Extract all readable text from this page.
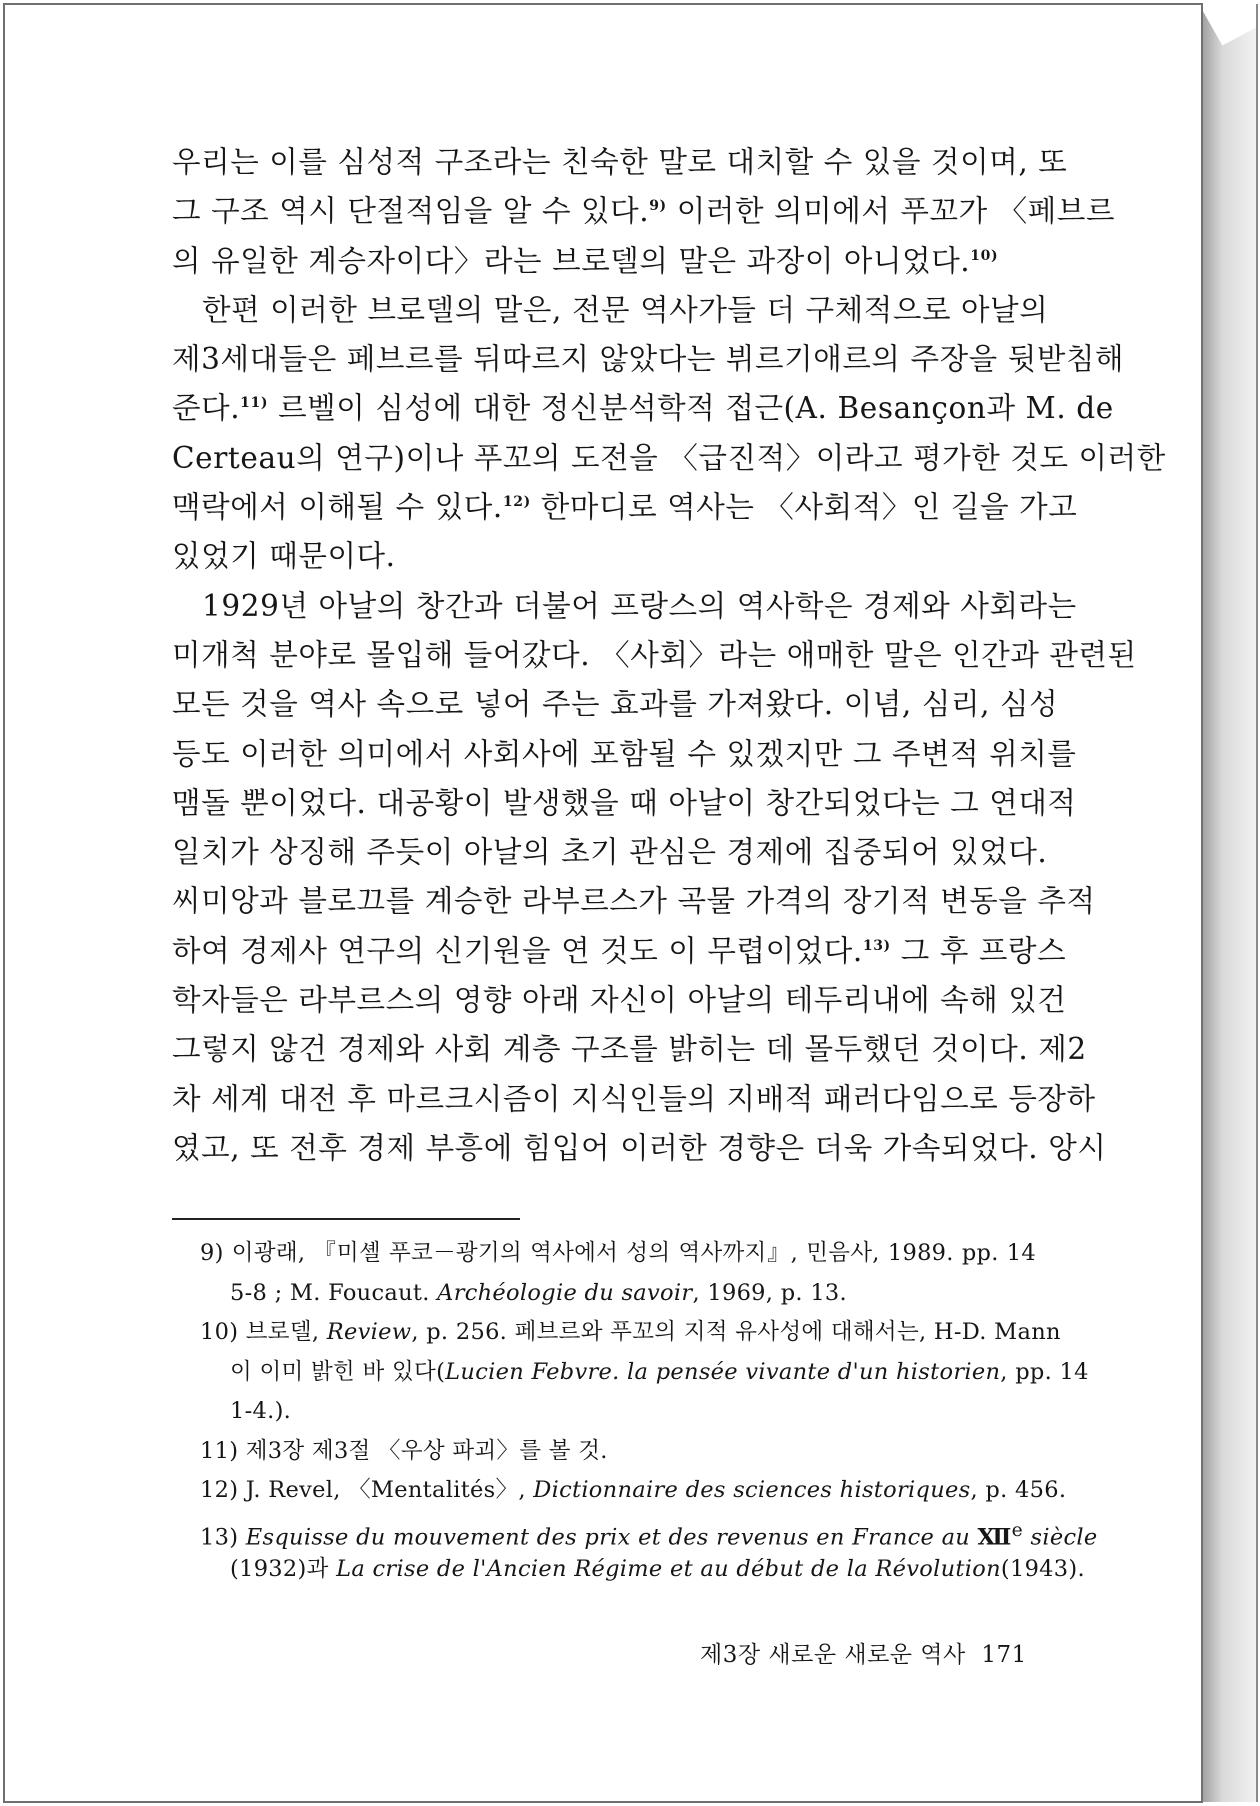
우리는 이를 심성적 구조라는 친숙한 말로 대치할 수 있을 것이며, 또
그 구조 역시 단절적임을 알 수 있다.$^{9)}$ 이러한 의미에서 푸꼬가 〈페브르
의 유일한 계승자이다〉라는 브로델의 말은 과장이 아니었다.$^{10)}$
한편 이러한 브로델의 말은, 전문 역사가들 더 구체적으로 아날의
제3세대들은 페브르를 뒤따르지 않았다는 뷔르기애르의 주장을 뒷받침해
준다.$^{11)}$ 르벨이 심성에 대한 정신분석학적 접근(A. Besançon과 M. de
Certeau의 연구)이나 푸꼬의 도전을 〈급진적〉이라고 평가한 것도 이러한
맥락에서 이해될 수 있다.$^{12)}$ 한마디로 역사는 〈사회적〉인 길을 가고
있었기 때문이다.
1929년 아날의 창간과 더불어 프랑스의 역사학은 경제와 사회라는
미개척 분야로 몰입해 들어갔다. 〈사회〉라는 애매한 말은 인간과 관련된
모든 것을 역사 속으로 넣어 주는 효과를 가져왔다. 이념, 심리, 심성
등도 이러한 의미에서 사회사에 포함될 수 있겠지만 그 주변적 위치를
맴돌 뿐이었다. 대공황이 발생했을 때 아날이 창간되었다는 그 연대적
일치가 상징해 주듯이 아날의 초기 관심은 경제에 집중되어 있었다.
씨미앙과 블로끄를 계승한 라부르스가 곡물 가격의 장기적 변동을 추적
하여 경제사 연구의 신기원을 연 것도 이 무렵이었다.$^{13)}$ 그 후 프랑스
학자들은 라부르스의 영향 아래 자신이 아날의 테두리내에 속해 있건
그렇지 않건 경제와 사회 계층 구조를 밝히는 데 몰두했던 것이다. 제2
차 세계 대전 후 마르크시즘이 지식인들의 지배적 패러다임으로 등장하
였고, 또 전후 경제 부흥에 힘입어 이러한 경향은 더욱 가속되었다. 앙시
9) 이광래, 『미셸 푸코－광기의 역사에서 성의 역사까지』, 민음사, 1989. pp. 14
5-8 ; M. Foucaut. Archéologie du savoir, 1969, p. 13.
10) 브로델, Review, p. 256. 페브르와 푸꼬의 지적 유사성에 대해서는, H-D. Mann
이 이미 밝힌 바 있다(Lucien Febvre. la pensée vivante d'un historien, pp. 14
1-4.).
11) 제3장 제3절 〈우상 파괴〉를 볼 것.
12) J. Revel, 〈Mentalités〉, Dictionnaire des sciences historiques, p. 456.
13) Esquisse du mouvement des prix et des revenus en France au Ⅻ$^e$ siècle
(1932)과 La crise de l'Ancien Régime et au début de la Révolution(1943).
제3장 새로운 새로운 역사 171
